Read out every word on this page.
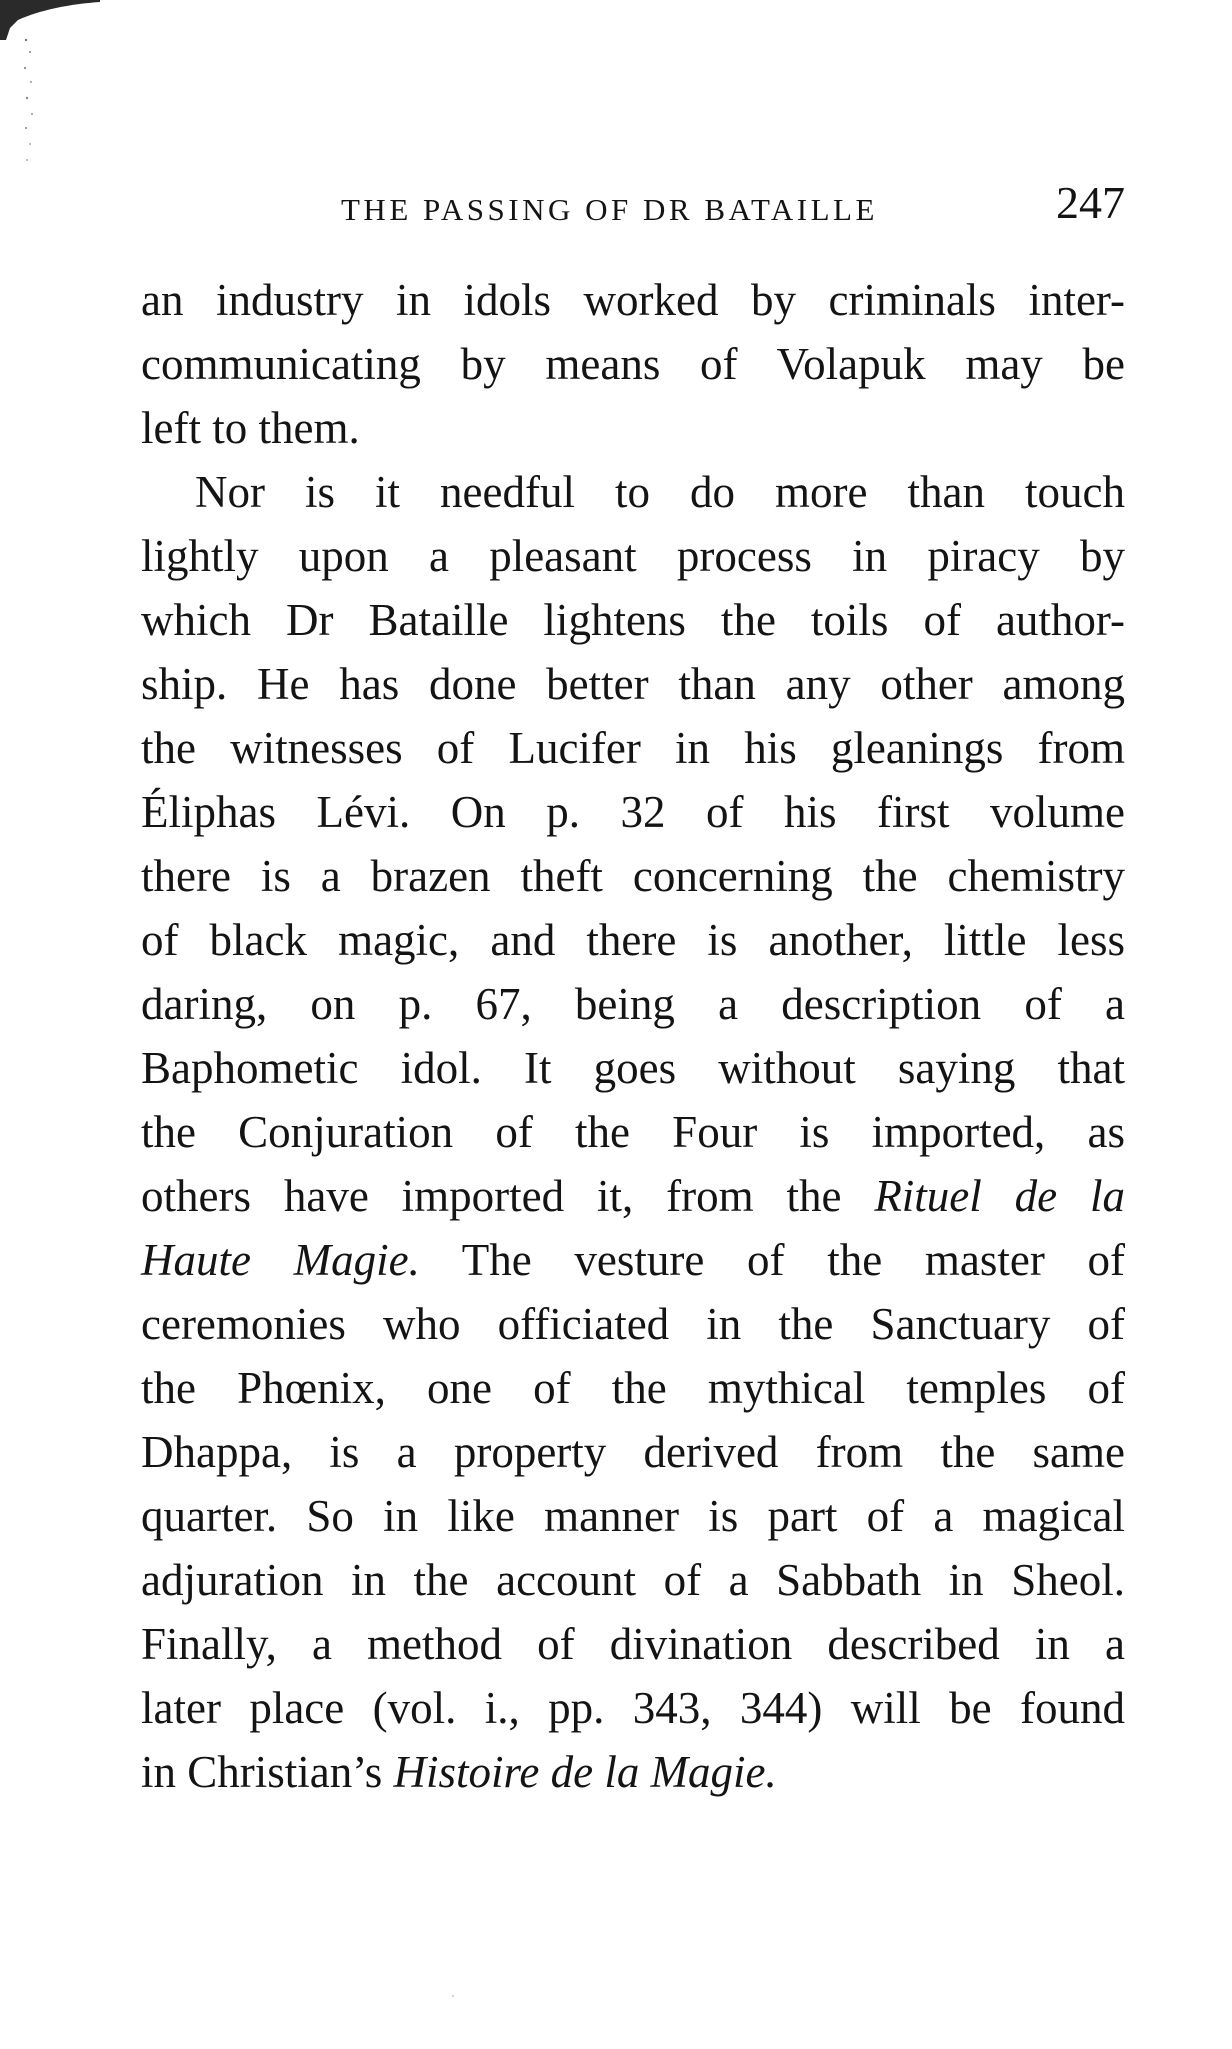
THE PASSING OF DR BATAILLE	247
an industry in idols worked by criminals inter-
communicating by means of Volapuk may be
left to them.
Nor is it needful to do more than touch
lightly upon a pleasant process in piracy by
which Dr Bataille lightens the toils of author-
ship. He has done better than any other among
the witnesses of Lucifer in his gleanings from
Éliphas Lévi. On p. 32 of his first volume
there is a brazen theft concerning the chemistry
of black magic, and there is another, little less
daring, on p. 67, being a description of a
Baphometic idol. It goes without saying that
the Conjuration of the Four is imported, as
others have imported it, from the Rituel de la
Haute Magie. The vesture of the master of
ceremonies who officiated in the Sanctuary of
the Phœnix, one of the mythical temples of
Dhappa, is a property derived from the same
quarter. So in like manner is part of a magical
adjuration in the account of a Sabbath in Sheol.
Finally, a method of divination described in a
later place (vol. i., pp. 343, 344) will be found
in Christian’s Histoire de la Magie.
